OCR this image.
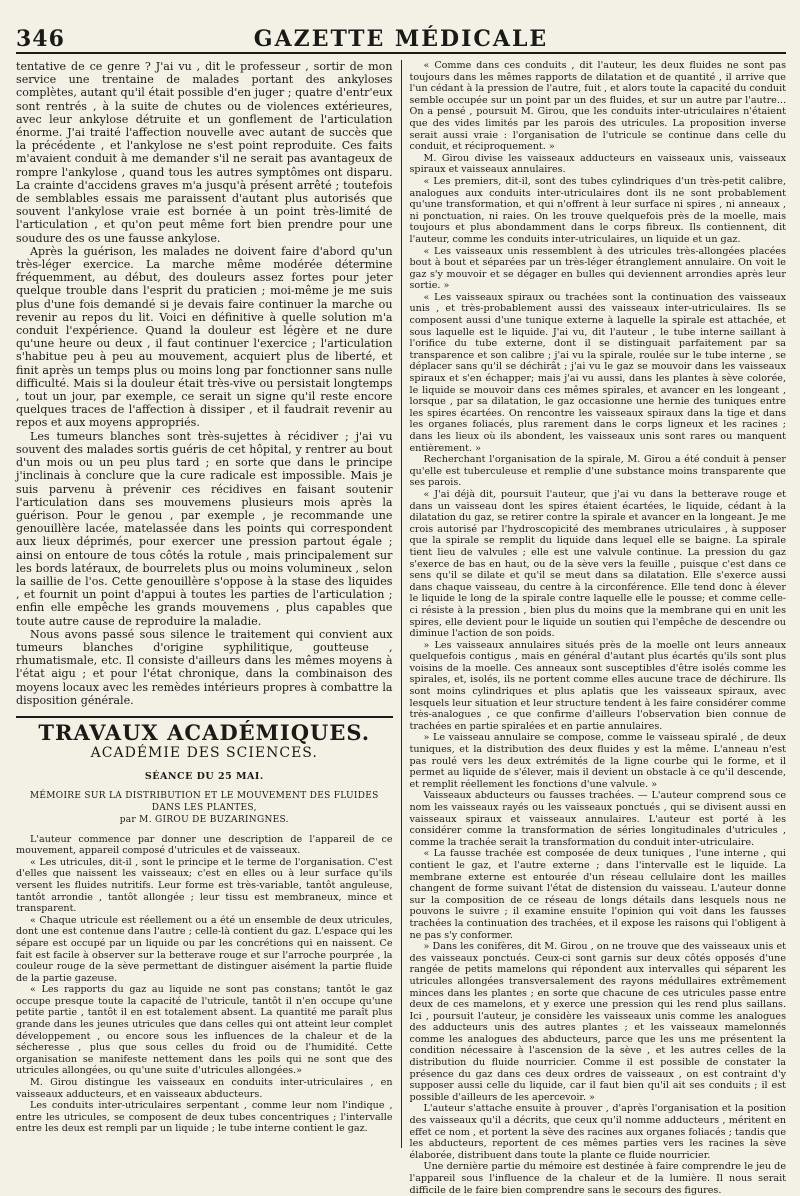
346	GAZETTE MÉDICALE

tentative de ce genre ? J'ai vu , dit le professeur , sortir de mon service une trentaine de malades portant des ankyloses complètes, autant qu'il était possible d'en juger ; quatre d'entr'eux sont rentrés , à la suite de chutes ou de violences extérieures, avec leur ankylose détruite et un gonflement de l'articulation énorme. J'ai traité l'affection nouvelle avec autant de succès que la précédente , et l'ankylose ne s'est point reproduite. Ces faits m'avaient conduit à me demander s'il ne serait pas avantageux de rompre l'ankylose , quand tous les autres symptômes ont disparu. La crainte d'accidens graves m'a jusqu'à présent arrêté ; toutefois de semblables essais me paraissent d'autant plus autorisés que souvent l'ankylose vraie est bornée à un point très-limité de l'articulation , et qu'on peut même fort bien prendre pour une soudure des os une fausse ankylose.

Après la guérison, les malades ne doivent faire d'abord qu'un très-léger exercice. La marche même modérée détermine fréquemment, au début, des douleurs assez fortes pour jeter quelque trouble dans l'esprit du praticien ; moi-même je me suis plus d'une fois demandé si je devais faire continuer la marche ou revenir au repos du lit. Voici en définitive à quelle solution m'a conduit l'expérience. Quand la douleur est légère et ne dure qu'une heure ou deux , il faut continuer l'exercice ; l'articulation s'habitue peu à peu au mouvement, acquiert plus de liberté, et finit après un temps plus ou moins long par fonctionner sans nulle difficulté. Mais si la douleur était très-vive ou persistait longtemps , tout un jour, par exemple, ce serait un signe qu'il reste encore quelques traces de l'affection à dissiper , et il faudrait revenir au repos et aux moyens appropriés.

Les tumeurs blanches sont très-sujettes à récidiver ; j'ai vu souvent des malades sortis guéris de cet hôpital, y rentrer au bout d'un mois ou un peu plus tard ; en sorte que dans le principe j'inclinais à conclure que la cure radicale est impossible. Mais je suis parvenu à prévenir ces récidives en faisant soutenir l'articulation dans ses mouvemens plusieurs mois après la guérison. Pour le genou , par exemple , je recommande une genouillère lacée, matelassée dans les points qui correspondent aux lieux déprimés, pour exercer une pression partout égale ; ainsi on entoure de tous côtés la rotule , mais principalement sur les bords latéraux, de bourrelets plus ou moins volumineux , selon la saillie de l'os. Cette genouillère s'oppose à la stase des liquides , et fournit un point d'appui à toutes les parties de l'articulation ; enfin elle empêche les grands mouvemens , plus capables que toute autre cause de reproduire la maladie.

Nous avons passé sous silence le traitement qui convient aux tumeurs blanches d'origine syphilitique, goutteuse , rhumatismale, etc. Il consiste d'ailleurs dans les mêmes moyens à l'état aigu ; et pour l'état chronique, dans la combinaison des moyens locaux avec les remèdes intérieurs propres à combattre la disposition générale.

TRAVAUX ACADÉMIQUES.
ACADÉMIE DES SCIENCES.
SÉANCE DU 25 MAI.
MÉMOIRE SUR LA DISTRIBUTION ET LE MOUVEMENT DES FLUIDES DANS LES PLANTES,
par M. GIROU DE BUZARINGNES.

L'auteur commence par donner une description de l'appareil de ce mouvement, appareil composé d'utricules et de vaisseaux.

« Les utricules, dit-il , sont le principe et le terme de l'organisation. C'est d'elles que naissent les vaisseaux; c'est en elles ou à leur surface qu'ils versent les fluides nutritifs. Leur forme est très-variable, tantôt anguleuse, tantôt arrondie , tantôt allongée ; leur tissu est membraneux, mince et transparent.

« Chaque utricule est réellement ou a été un ensemble de deux utricules, dont une est contenue dans l'autre ; celle-là contient du gaz. L'espace qui les sépare est occupé par un liquide ou par les concrétions qui en naissent. Ce fait est facile à observer sur la betterave rouge et sur l'arroche pourprée , la couleur rouge de la sève permettant de distinguer aisément la partie fluide de la partie gazeuse.

« Les rapports du gaz au liquide ne sont pas constans; tantôt le gaz occupe presque toute la capacité de l'utricule, tantôt il n'en occupe qu'une petite partie , tantôt il en est totalement absent. La quantité me paraît plus grande dans les jeunes utricules que dans celles qui ont atteint leur complet développement , ou encore sous les influences de la chaleur et de la sécheresse , plus que sous celles du froid ou de l'humidité. Cette organisation se manifeste nettement dans les poils qui ne sont que des utricules allongées, ou qu'une suite d'utricules allongées.»

M. Girou distingue les vaisseaux en conduits inter-utriculaires , en vaisseaux adducteurs, et en vaisseaux abducteurs.

Les conduits inter-utriculaires serpentant , comme leur nom l'indique , entre les utricules, se composent de deux tubes concentriques ; l'intervalle entre les deux est rempli par un liquide ; le tube interne contient le gaz.

« Comme dans ces conduits , dit l'auteur, les deux fluides ne sont pas toujours dans les mêmes rapports de dilatation et de quantité , il arrive que l'un cédant à la pression de l'autre, fuit , et alors toute la capacité du conduit semble occupée sur un point par un des fluides, et sur un autre par l'autre... On a pensé , poursuit M. Girou, que les conduits inter-utriculaires n'étaient que des vides limités par les parois des utricules. La proposition inverse serait aussi vraie : l'organisation de l'utricule se continue dans celle du conduit, et réciproquement. »

M. Girou divise les vaisseaux adducteurs en vaisseaux unis, vaisseaux spiraux et vaisseaux annulaires.

« Les premiers, dit-il, sont des tubes cylindriques d'un très-petit calibre, analogues aux conduits inter-utriculaires dont ils ne sont probablement qu'une transformation, et qui n'offrent à leur surface ni spires , ni anneaux , ni ponctuation, ni raies. On les trouve quelquefois près de la moelle, mais toujours et plus abondamment dans le corps fibreux. Ils contiennent, dit l'auteur, comme les conduits inter-utriculaires, un liquide et un gaz.

« Les vaisseaux unis ressemblent à des utricules très-allongées placées bout à bout et séparées par un très-léger étranglement annulaire. On voit le gaz s'y mouvoir et se dégager en bulles qui deviennent arrondies après leur sortie. »

« Les vaisseaux spiraux ou trachées sont la continuation des vaisseaux unis , et très-probablement aussi des vaisseaux inter-utriculaires. Ils se composent aussi d'une tunique externe à laquelle la spirale est attachée, et sous laquelle est le liquide. J'ai vu, dit l'auteur , le tube interne saillant à l'orifice du tube externe, dont il se distinguait parfaitement par sa transparence et son calibre ; j'ai vu la spirale, roulée sur le tube interne , se déplacer sans qu'il se déchirât ; j'ai vu le gaz se mouvoir dans les vaisseaux spiraux et s'en échapper; mais j'ai vu aussi, dans les plantes à sève colorée, le liquide se mouvoir dans ces mêmes spirales, et avancer en les longeant , lorsque , par sa dilatation, le gaz occasionne une hernie des tuniques entre les spires écartées. On rencontre les vaisseaux spiraux dans la tige et dans les organes foliacés, plus rarement dans le corps ligneux et les racines ; dans les lieux où ils abondent, les vaisseaux unis sont rares ou manquent entièrement. »

Recherchant l'organisation de la spirale, M. Girou a été conduit à penser qu'elle est tuberculeuse et remplie d'une substance moins transparente que ses parois.

« J'ai déjà dit, poursuit l'auteur, que j'ai vu dans la betterave rouge et dans un vaisseau dont les spires étaient écartées, le liquide, cédant à la dilatation du gaz, se retirer contre la spirale et avancer en la longeant. Je me crois autorisé par l'hydroscopicité des membranes utriculaires , à supposer que la spirale se remplit du liquide dans lequel elle se baigne. La spirale tient lieu de valvules ; elle est une valvule continue. La pression du gaz s'exerce de bas en haut, ou de la sève vers la feuille , puisque c'est dans ce sens qu'il se dilate et qu'il se meut dans sa dilatation. Elle s'exerce aussi dans chaque vaisseau, du centre à la circonférence. Elle tend donc à élever le liquide le long de la spirale contre laquelle elle le pousse; et comme celle-ci résiste à la pression , bien plus du moins que la membrane qui en unit les spires, elle devient pour le liquide un soutien qui l'empêche de descendre ou diminue l'action de son poids.

» Les vaisseaux annulaires situés près de la moelle ont leurs anneaux quelquefois contigus , mais en général d'autant plus écartés qu'ils sont plus voisins de la moelle. Ces anneaux sont susceptibles d'être isolés comme les spirales, et, isolés, ils ne portent comme elles aucune trace de déchirure. Ils sont moins cylindriques et plus aplatis que les vaisseaux spiraux, avec lesquels leur situation et leur structure tendent à les faire considérer comme très-analogues , ce que confirme d'ailleurs l'observation bien connue de trachées en partie spiralées et en partie annulaires.

» Le vaisseau annulaire se compose, comme le vaisseau spiralé , de deux tuniques, et la distribution des deux fluides y est la même. L'anneau n'est pas roulé vers les deux extrémités de la ligne courbe qui le forme, et il permet au liquide de s'élever, mais il devient un obstacle à ce qu'il descende, et remplit réellement les fonctions d'une valvule. »

Vaisseaux abducteurs ou fausses trachées. — L'auteur comprend sous ce nom les vaisseaux rayés ou les vaisseaux ponctués , qui se divisent aussi en vaisseaux spiraux et vaisseaux annulaires. L'auteur est porté à les considérer comme la transformation de séries longitudinales d'utricules , comme la trachée serait la transformation du conduit inter-utriculaire.

« La fausse trachée est composée de deux tuniques , l'une interne , qui contient le gaz, et l'autre externe ; dans l'intervalle est le liquide. La membrane externe est entourée d'un réseau cellulaire dont les mailles changent de forme suivant l'état de distension du vaisseau. L'auteur donne sur la composition de ce réseau de longs détails dans lesquels nous ne pouvons le suivre ; il examine ensuite l'opinion qui voit dans les fausses trachées la continuation des trachées, et il expose les raisons qui l'obligent à ne pas s'y conformer.

» Dans les conifères, dit M. Girou , on ne trouve que des vaisseaux unis et des vaisseaux ponctués. Ceux-ci sont garnis sur deux côtés opposés d'une rangée de petits mamelons qui répondent aux intervalles qui séparent les utricules allongées transversalement des rayons médullaires extrêmement minces dans les plantes ; en sorte que chacune de ces utricules passe entre deux de ces mamelons, et y exerce une pression qui les rend plus saillans. Ici , poursuit l'auteur, je considère les vaisseaux unis comme les analogues des adducteurs unis des autres plantes ; et les vaisseaux mamelonnés comme les analogues des abducteurs, parce que les uns me présentent la condition nécessaire à l'ascension de la sève , et les autres celles de la distribution du fluide nourricier. Comme il est possible de constater la présence du gaz dans ces deux ordres de vaisseaux , on est contraint d'y supposer aussi celle du liquide, car il faut bien qu'il ait ses conduits ; il est possible d'ailleurs de les apercevoir. »

L'auteur s'attache ensuite à prouver , d'après l'organisation et la position des vaisseaux qu'il a décrits, que ceux qu'il nomme adducteurs , méritent en effet ce nom , et portent la sève des racines aux organes foliacés ; tandis que les abducteurs, reportent de ces mêmes parties vers les racines la sève élaborée, distribuent dans toute la plante ce fluide nourricier.

Une dernière partie du mémoire est destinée à faire comprendre le jeu de l'appareil sous l'influence de la chaleur et de la lumière. Il nous serait difficile de le faire bien comprendre sans le secours des figures.
